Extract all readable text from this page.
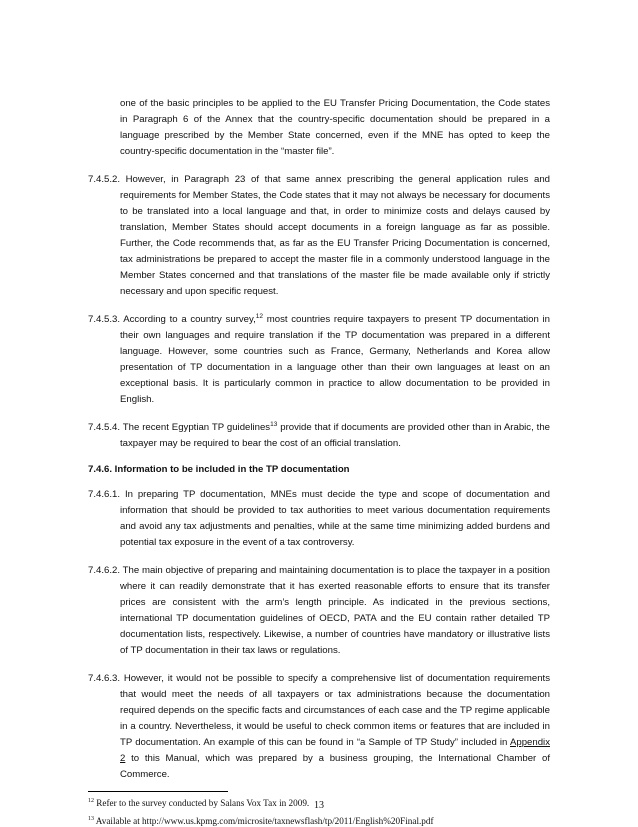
one of the basic principles to be applied to the EU Transfer Pricing Documentation, the Code states in Paragraph 6 of the Annex that the country-specific documentation should be prepared in a language prescribed by the Member State concerned, even if the MNE has opted to keep the country-specific documentation in the “master file”.
7.4.5.2. However, in Paragraph 23 of that same annex prescribing the general application rules and requirements for Member States, the Code states that it may not always be necessary for documents to be translated into a local language and that, in order to minimize costs and delays caused by translation, Member States should accept documents in a foreign language as far as possible. Further, the Code recommends that, as far as the EU Transfer Pricing Documentation is concerned, tax administrations be prepared to accept the master file in a commonly understood language in the Member States concerned and that translations of the master file be made available only if strictly necessary and upon specific request.
7.4.5.3. According to a country survey,$^{12}$ most countries require taxpayers to present TP documentation in their own languages and require translation if the TP documentation was prepared in a different language. However, some countries such as France, Germany, Netherlands and Korea allow presentation of TP documentation in a language other than their own languages at least on an exceptional basis. It is particularly common in practice to allow documentation to be provided in English.
7.4.5.4. The recent Egyptian TP guidelines$^{13}$ provide that if documents are provided other than in Arabic, the taxpayer may be required to bear the cost of an official translation.
7.4.6. Information to be included in the TP documentation
7.4.6.1. In preparing TP documentation, MNEs must decide the type and scope of documentation and information that should be provided to tax authorities to meet various documentation requirements and avoid any tax adjustments and penalties, while at the same time minimizing added burdens and potential tax exposure in the event of a tax controversy.
7.4.6.2. The main objective of preparing and maintaining documentation is to place the taxpayer in a position where it can readily demonstrate that it has exerted reasonable efforts to ensure that its transfer prices are consistent with the arm’s length principle. As indicated in the previous sections, international TP documentation guidelines of OECD, PATA and the EU contain rather detailed TP documentation lists, respectively. Likewise, a number of countries have mandatory or illustrative lists of TP documentation in their tax laws or regulations.
7.4.6.3. However, it would not be possible to specify a comprehensive list of documentation requirements that would meet the needs of all taxpayers or tax administrations because the documentation required depends on the specific facts and circumstances of each case and the TP regime applicable in a country. Nevertheless, it would be useful to check common items or features that are included in TP documentation. An example of this can be found in “a Sample of TP Study” included in Appendix 2 to this Manual, which was prepared by a business grouping, the International Chamber of Commerce.
$^{12}$ Refer to the survey conducted by Salans Vox Tax in 2009.
$^{13}$ Available at http://www.us.kpmg.com/microsite/taxnewsflash/tp/2011/English%20Final.pdf
13
